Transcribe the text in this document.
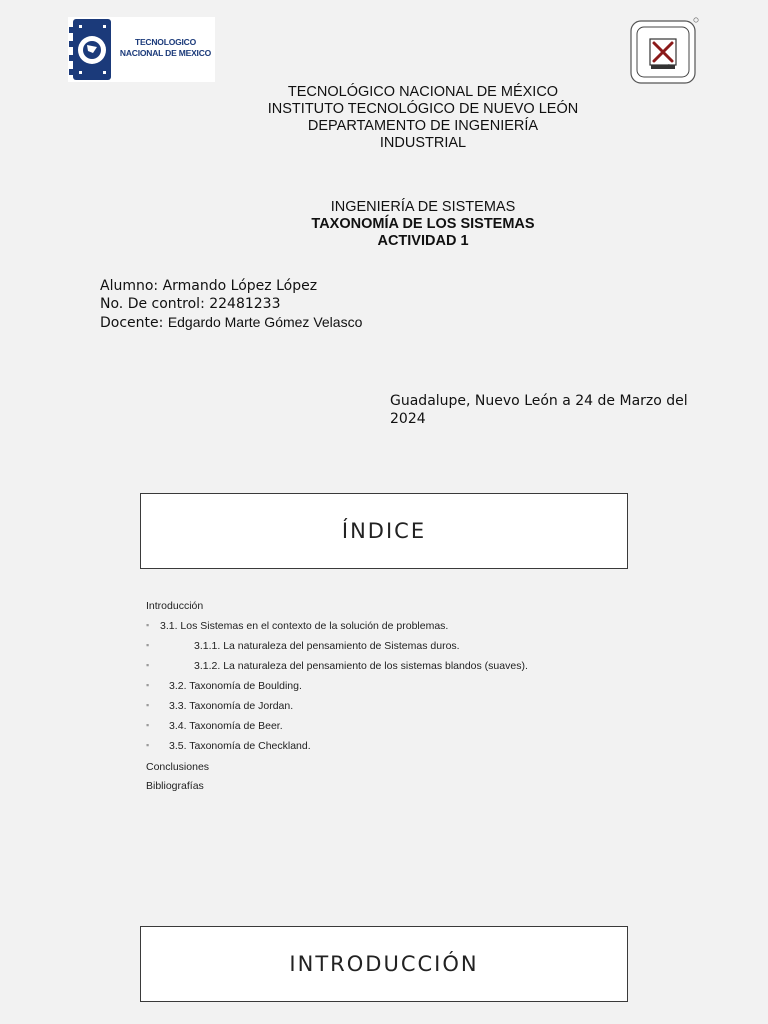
TECNOLOGICO
NACIONAL DE MEXICO
TECNOLÓGICO NACIONAL DE MÉXICO
INSTITUTO TECNOLÓGICO DE NUEVO LEÓN
DEPARTAMENTO DE INGENIERÍA
INDUSTRIAL
INGENIERÍA DE SISTEMAS
TAXONOMÍA DE LOS SISTEMAS
ACTIVIDAD 1
Alumno: Armando López López
No. De control: 22481233
Docente: Edgardo Marte Gómez Velasco
Guadalupe, Nuevo León a 24 de Marzo del 2024
ÍNDICE
Introducción
▪ 3.1. Los Sistemas en el contexto de la solución de problemas.
▪	3.1.1. La naturaleza del pensamiento de Sistemas duros.
▪	3.1.2. La naturaleza del pensamiento de los sistemas blandos (suaves).
▪ 3.2. Taxonomía de Boulding.
▪ 3.3. Taxonomía de Jordan.
▪ 3.4. Taxonomía de Beer.
▪ 3.5. Taxonomía de Checkland.
Conclusiones
Bibliografías
INTRODUCCIÓN
